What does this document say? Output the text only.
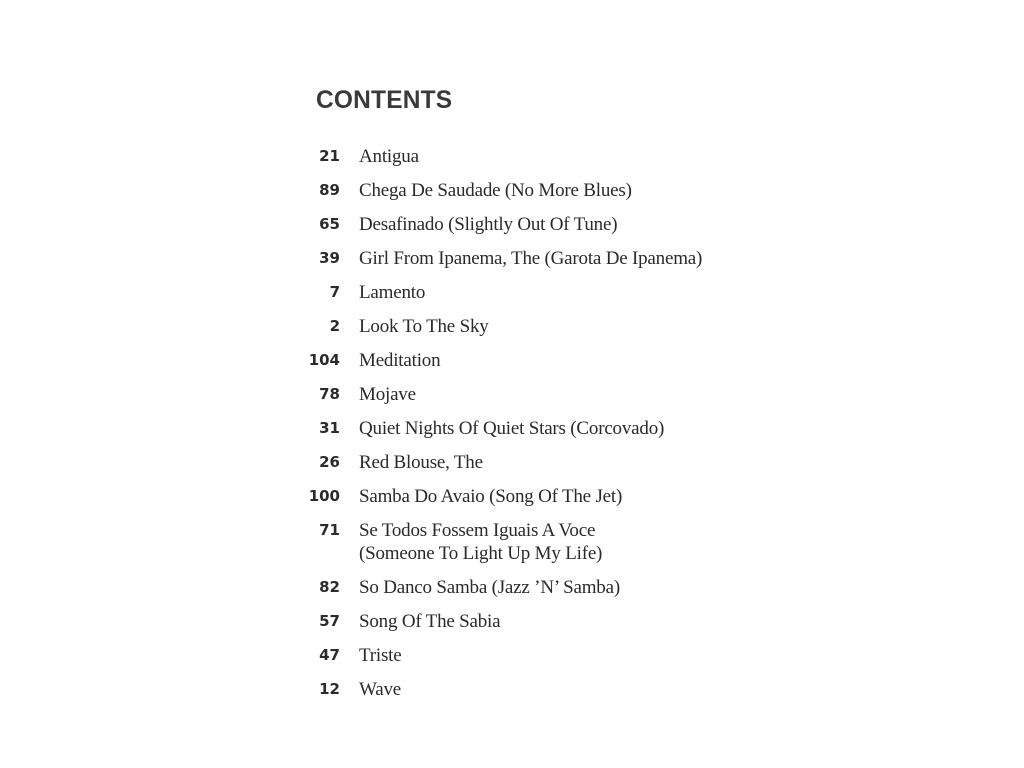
CONTENTS
21 Antigua
89 Chega De Saudade (No More Blues)
65 Desafinado (Slightly Out Of Tune)
39 Girl From Ipanema, The (Garota De Ipanema)
7 Lamento
2 Look To The Sky
104 Meditation
78 Mojave
31 Quiet Nights Of Quiet Stars (Corcovado)
26 Red Blouse, The
100 Samba Do Avaio (Song Of The Jet)
71 Se Todos Fossem Iguais A Voce
(Someone To Light Up My Life)
82 So Danco Samba (Jazz ’N’ Samba)
57 Song Of The Sabia
47 Triste
12 Wave
